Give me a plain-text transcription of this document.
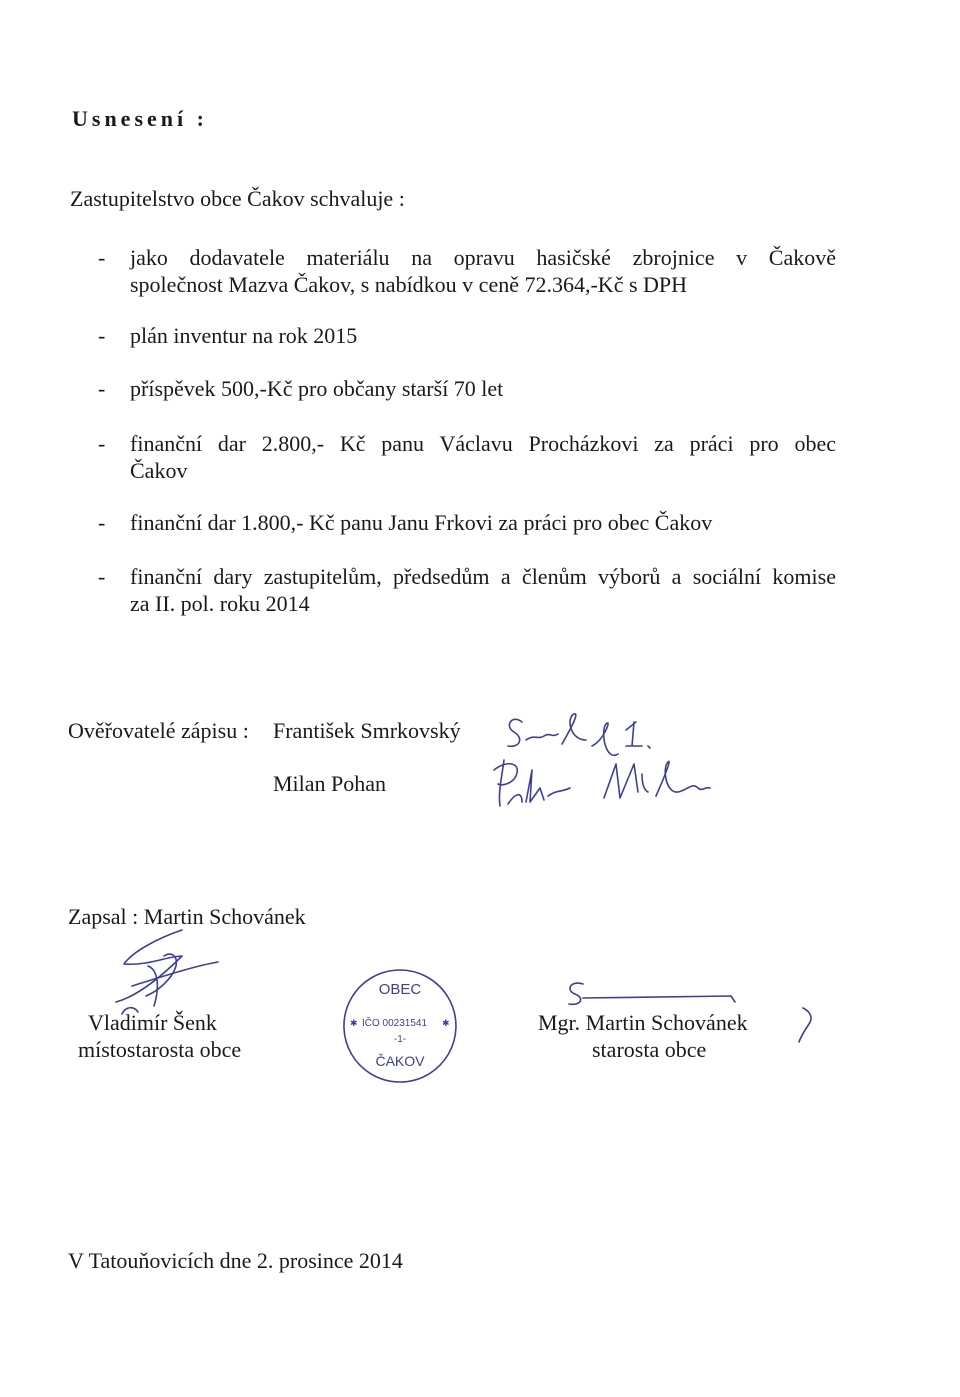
Usnesení :
Zastupitelstvo obce Čakov schvaluje :
- jako dodavatele materiálu na opravu hasičské zbrojnice v Čakově
společnost Mazva Čakov, s nabídkou v ceně 72.364,-Kč s DPH
- plán inventur na rok 2015
- příspěvek 500,-Kč pro občany starší 70 let
- finanční dar 2.800,- Kč panu Václavu Procházkovi za práci pro obec
Čakov
- finanční dar 1.800,- Kč panu Janu Frkovi za práci pro obec Čakov
- finanční dary zastupitelům, předsedům a členům výborů a sociální komise
za II. pol. roku 2014
Ověřovatelé zápisu : František Smrkovský
Milan Pohan
Zapsal : Martin Schovánek
Vladimír Šenk
místostarosta obce
OBEC
✱ IČO 00231541 ✱
-1-
ČAKOV
Mgr. Martin Schovánek
starosta obce
V Tatouňovicích dne 2. prosince 2014
